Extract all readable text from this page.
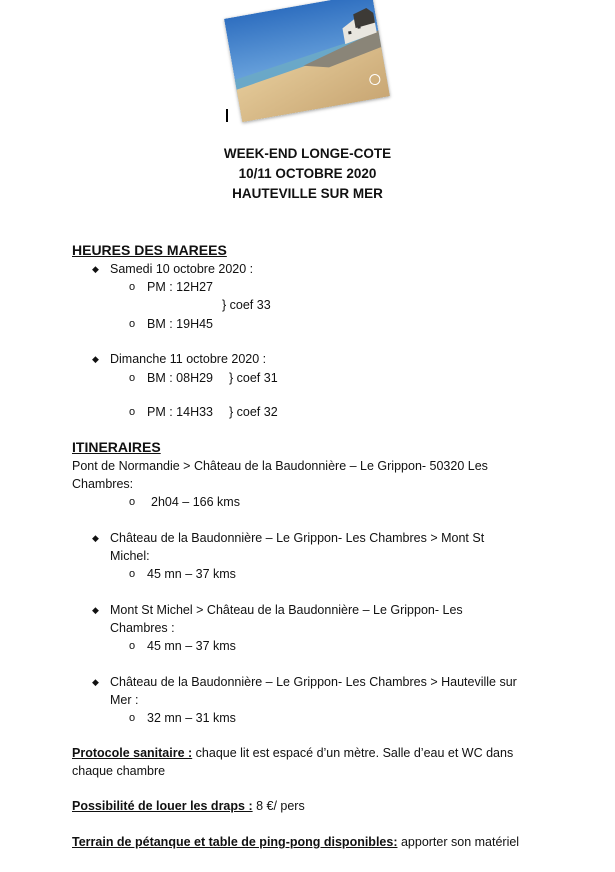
WEEK-END LONGE-COTE
10/11 OCTOBRE 2020
HAUTEVILLE SUR MER
HEURES DES MAREES
◆ Samedi 10 octobre 2020 :
o PM : 12H27
} coef 33
o BM : 19H45
◆ Dimanche 11 octobre 2020 :
o BM : 08H29 } coef 31
o PM : 14H33 } coef 32
ITINERAIRES
Pont de Normandie > Château de la Baudonnière – Le Grippon- 50320 Les
Chambres:
o 2h04 – 166 kms
◆ Château de la Baudonnière – Le Grippon- Les Chambres > Mont St
Michel:
o 45 mn – 37 kms
◆ Mont St Michel > Château de la Baudonnière – Le Grippon- Les
Chambres :
o 45 mn – 37 kms
◆ Château de la Baudonnière – Le Grippon- Les Chambres > Hauteville sur
Mer :
o 32 mn – 31 kms
Protocole sanitaire : chaque lit est espacé d’un mètre. Salle d’eau et WC dans
chaque chambre
Possibilité de louer les draps : 8 €/ pers
Terrain de pétanque et table de ping-pong disponibles: apporter son matériel
